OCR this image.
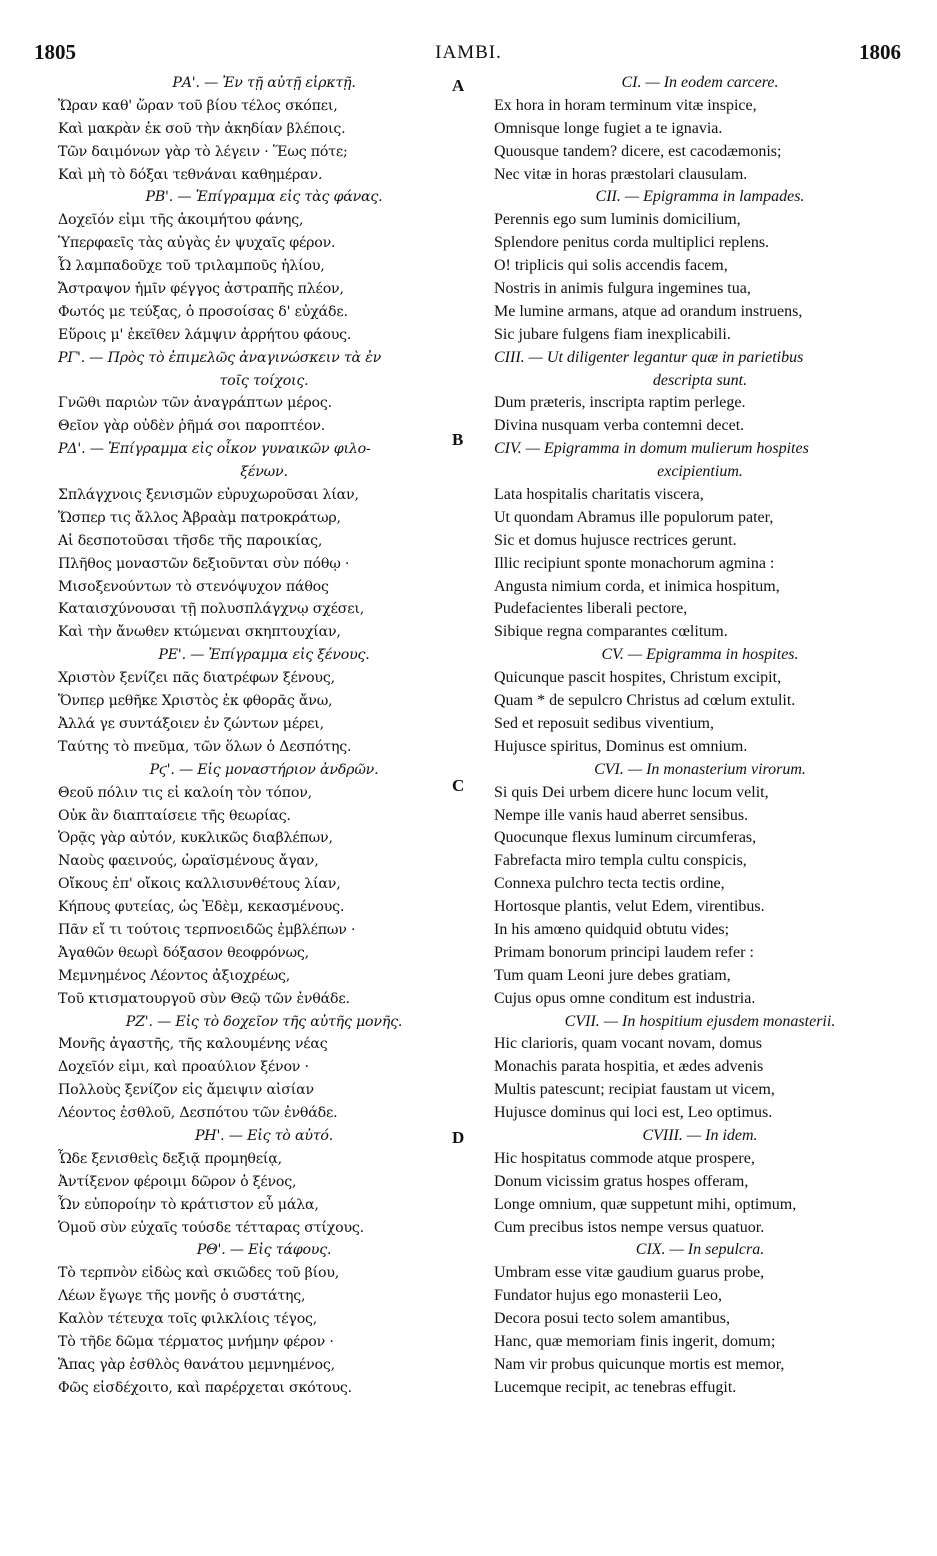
1805	IAMBI.	1806
A
B
C
D
ΡΑ'. — Ἐν τῇ αὐτῇ εἱρκτῇ.
Ὥραν καθ' ὥραν τοῦ βίου τέλος σκόπει,
Καὶ μακρὰν ἐκ σοῦ τὴν ἀκηδίαν βλέποις.
Τῶν δαιμόνων γὰρ τὸ λέγειν · Ἕως πότε;
Καὶ μὴ τὸ δόξαι τεθνάναι καθημέραν.
ΡΒ'. — Ἐπίγραμμα εἰς τὰς φάνας.
Δοχεῖόν εἰμι τῆς ἀκοιμήτου φάνης,
Ὑπερφαεῖς τὰς αὐγὰς ἐν ψυχαῖς φέρον.
Ὦ λαμπαδοῦχε τοῦ τριλαμποῦς ἡλίου,
Ἄστραψον ἡμῖν φέγγος ἀστραπῆς πλέον,
Φωτός με τεύξας, ὁ προσοίσας δ' εὐχάδε.
Εὕροις μ' ἐκεῖθεν λάμψιν ἀρρήτου φάους.
ΡΓ'. — Πρὸς τὸ ἐπιμελῶς ἀναγινώσκειν τὰ ἐν
τοῖς τοίχοις.
Γνῶθι παριὼν τῶν ἀναγράπτων μέρος.
Θεῖον γὰρ οὐδὲν ῥῆμά σοι παροπτέον.
ΡΔ'. — Ἐπίγραμμα εἰς οἶκον γυναικῶν φιλο-
ξένων.
Σπλάγχνοις ξενισμῶν εὐρυχωροῦσαι λίαν,
Ὥσπερ τις ἄλλος Ἀβραὰμ πατροκράτωρ,
Αἱ δεσποτοῦσαι τῆσδε τῆς παροικίας,
Πλῆθος μοναστῶν δεξιοῦνται σὺν πόθῳ ·
Μισοξενούντων τὸ στενόψυχον πάθος
Καταισχύνουσαι τῇ πολυσπλάγχνῳ σχέσει,
Καὶ τὴν ἄνωθεν κτώμεναι σκηπτουχίαν,
ΡΕ'. — Ἐπίγραμμα εἰς ξένους.
Χριστὸν ξενίζει πᾶς διατρέφων ξένους,
Ὅνπερ μεθῆκε Χριστὸς ἐκ φθορᾶς ἄνω,
Ἀλλά γε συντάξοιεν ἐν ζώντων μέρει,
Ταύτης τὸ πνεῦμα, τῶν ὅλων ὁ Δεσπότης.
Ρϛ'. — Εἰς μοναστήριον ἀνδρῶν.
Θεοῦ πόλιν τις εἰ καλοίη τὸν τόπον,
Οὐκ ἂν διαπταίσειε τῆς θεωρίας.
Ὁρᾷς γὰρ αὐτόν, κυκλικῶς διαβλέπων,
Ναοὺς φαεινούς, ὡραϊσμένους ἄγαν,
Οἴκους ἐπ' οἴκοις καλλισυνθέτους λίαν,
Κήπους φυτείας, ὡς Ἐδὲμ, κεκασμένους.
Πᾶν εἴ τι τούτοις τερπνοειδῶς ἐμβλέπων ·
Ἀγαθῶν θεωρὶ δόξασον θεοφρόνως,
Μεμνημένος Λέοντος ἀξιοχρέως,
Τοῦ κτισματουργοῦ σὺν Θεῷ τῶν ἐνθάδε.
ΡΖ'. — Εἰς τὸ δοχεῖον τῆς αὐτῆς μονῆς.
Μονῆς ἀγαστῆς, τῆς καλουμένης νέας
Δοχεῖόν εἰμι, καὶ προαύλιον ξένον ·
Πολλοὺς ξενίζον εἰς ἄμειψιν αἰσίαν
Λέοντος ἐσθλοῦ, Δεσπότου τῶν ἐνθάδε.
ΡΗ'. — Εἰς τὸ αὐτό.
Ὧδε ξενισθεὶς δεξιᾷ προμηθείᾳ,
Ἀντίξενον φέροιμι δῶρον ὁ ξένος,
Ὧν εὐποροίην τὸ κράτιστον εὖ μάλα,
Ὁμοῦ σὺν εὐχαῖς τούσδε τέτταρας στίχους.
ΡΘ'. — Εἰς τάφους.
Τὸ τερπνὸν εἰδὼς καὶ σκιῶδες τοῦ βίου,
Λέων ἔγωγε τῆς μονῆς ὁ συστάτης,
Καλὸν τέτευχα τοῖς φιλκλίοις τέγος,
Τὸ τῆδε δῶμα τέρματος μνήμην φέρον ·
Ἅπας γὰρ ἐσθλὸς θανάτου μεμνημένος,
Φῶς εἰσδέχοιτο, καὶ παρέρχεται σκότους.
CI. — In eodem carcere.
Ex hora in horam terminum vitæ inspice,
Omnisque longe fugiet a te ignavia.
Quousque tandem? dicere, est cacodæmonis;
Nec vitæ in horas præstolari clausulam.
CII. — Epigramma in lampades.
Perennis ego sum luminis domicilium,
Splendore penitus corda multiplici replens.
O! triplicis qui solis accendis facem,
Nostris in animis fulgura ingemines tua,
Me lumine armans, atque ad orandum instruens,
Sic jubare fulgens fiam inexplicabili.
CIII. — Ut diligenter legantur quæ in parietibus
descripta sunt.
Dum præteris, inscripta raptim perlege.
Divina nusquam verba contemni decet.
CIV. — Epigramma in domum mulierum hospites
excipientium.
Lata hospitalis charitatis viscera,
Ut quondam Abramus ille populorum pater,
Sic et domus hujusce rectrices gerunt.
Illic recipiunt sponte monachorum agmina :
Angusta nimium corda, et inimica hospitum,
Pudefacientes liberali pectore,
Sibique regna comparantes cœlitum.
CV. — Epigramma in hospites.
Quicunque pascit hospites, Christum excipit,
Quam * de sepulcro Christus ad cœlum extulit.
Sed et reposuit sedibus viventium,
Hujusce spiritus, Dominus est omnium.
CVI. — In monasterium virorum.
Si quis Dei urbem dicere hunc locum velit,
Nempe ille vanis haud aberret sensibus.
Quocunque flexus luminum circumferas,
Fabrefacta miro templa cultu conspicis,
Connexa pulchro tecta tectis ordine,
Hortosque plantis, velut Edem, virentibus.
In his amœno quidquid obtutu vides;
Primam bonorum principi laudem refer :
Tum quam Leoni jure debes gratiam,
Cujus opus omne conditum est industria.
CVII. — In hospitium ejusdem monasterii.
Hic clarioris, quam vocant novam, domus
Monachis parata hospitia, et ædes advenis
Multis patescunt; recipiat faustam ut vicem,
Hujusce dominus qui loci est, Leo optimus.
CVIII. — In idem.
Hic hospitatus commode atque prospere,
Donum vicissim gratus hospes offeram,
Longe omnium, quæ suppetunt mihi, optimum,
Cum precibus istos nempe versus quatuor.
CIX. — In sepulcra.
Umbram esse vitæ gaudium guarus probe,
Fundator hujus ego monasterii Leo,
Decora posui tecto solem amantibus,
Hanc, quæ memoriam finis ingerit, domum;
Nam vir probus quicunque mortis est memor,
Lucemque recipit, ac tenebras effugit.
